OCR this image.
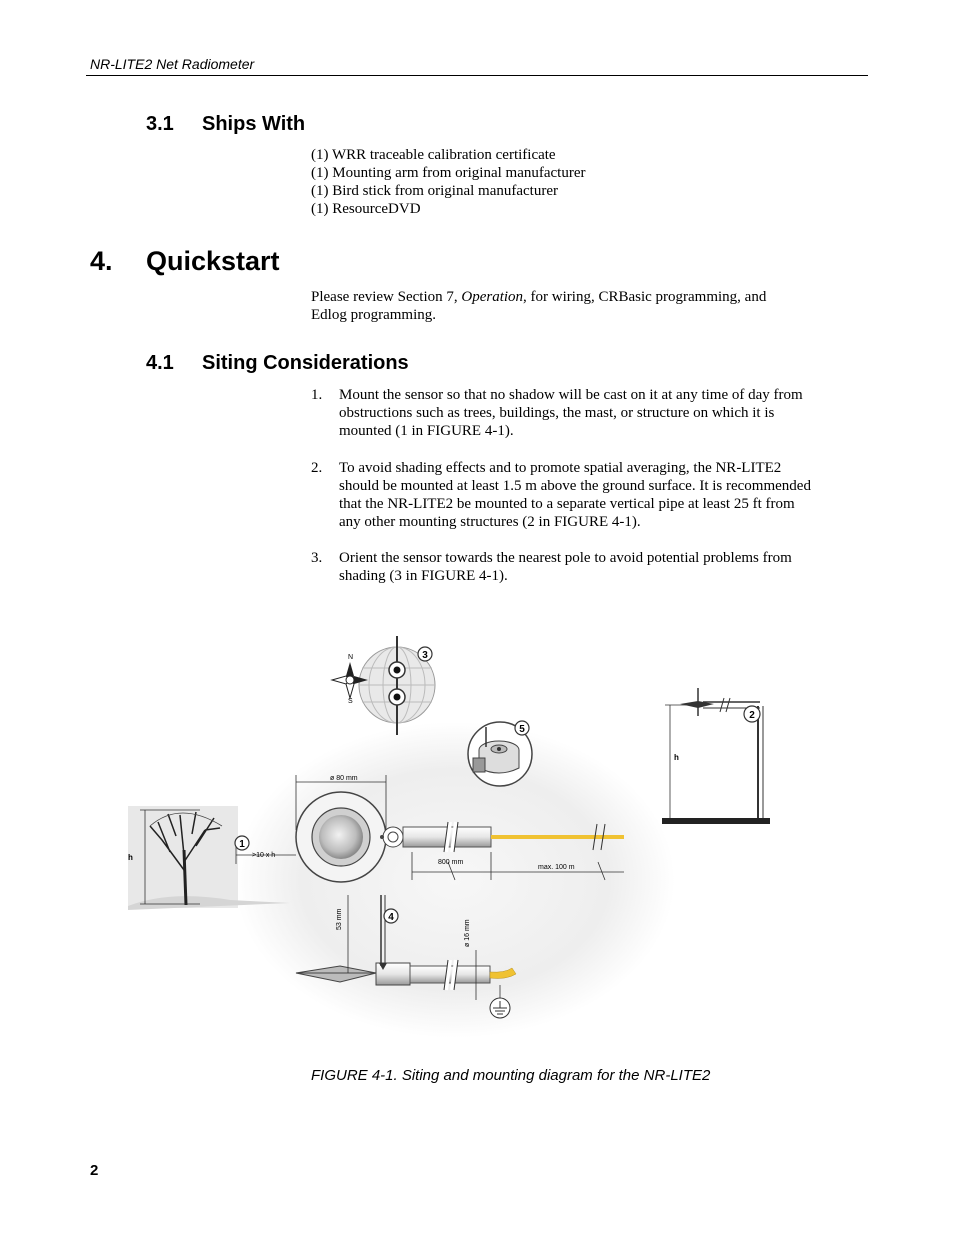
NR-LITE2 Net Radiometer
3.1 Ships With
(1) WRR traceable calibration certificate
(1) Mounting arm from original manufacturer
(1) Bird stick from original manufacturer
(1) ResourceDVD
4. Quickstart
Please review Section 7, Operation, for wiring, CRBasic programming, and
Edlog programming.
4.1 Siting Considerations
1. Mount the sensor so that no shadow will be cast on it at any time of day from obstructions such as trees, buildings, the mast, or structure on which it is mounted (1 in FIGURE 4-1).
2. To avoid shading effects and to promote spatial averaging, the NR-LITE2 should be mounted at least 1.5 m above the ground surface. It is recommended that the NR-LITE2 be mounted to a separate vertical pipe at least 25 ft from any other mounting structures (2 in FIGURE 4-1).
3. Orient the sensor towards the nearest pole to avoid potential problems from shading (3 in FIGURE 4-1).
N
S
ø 80 mm
800 mm
max. 100 m
53 mm
ø 16 mm
h	>10 x h
h
1
2
3
4
5
FIGURE 4-1. Siting and mounting diagram for the NR-LITE2
2
